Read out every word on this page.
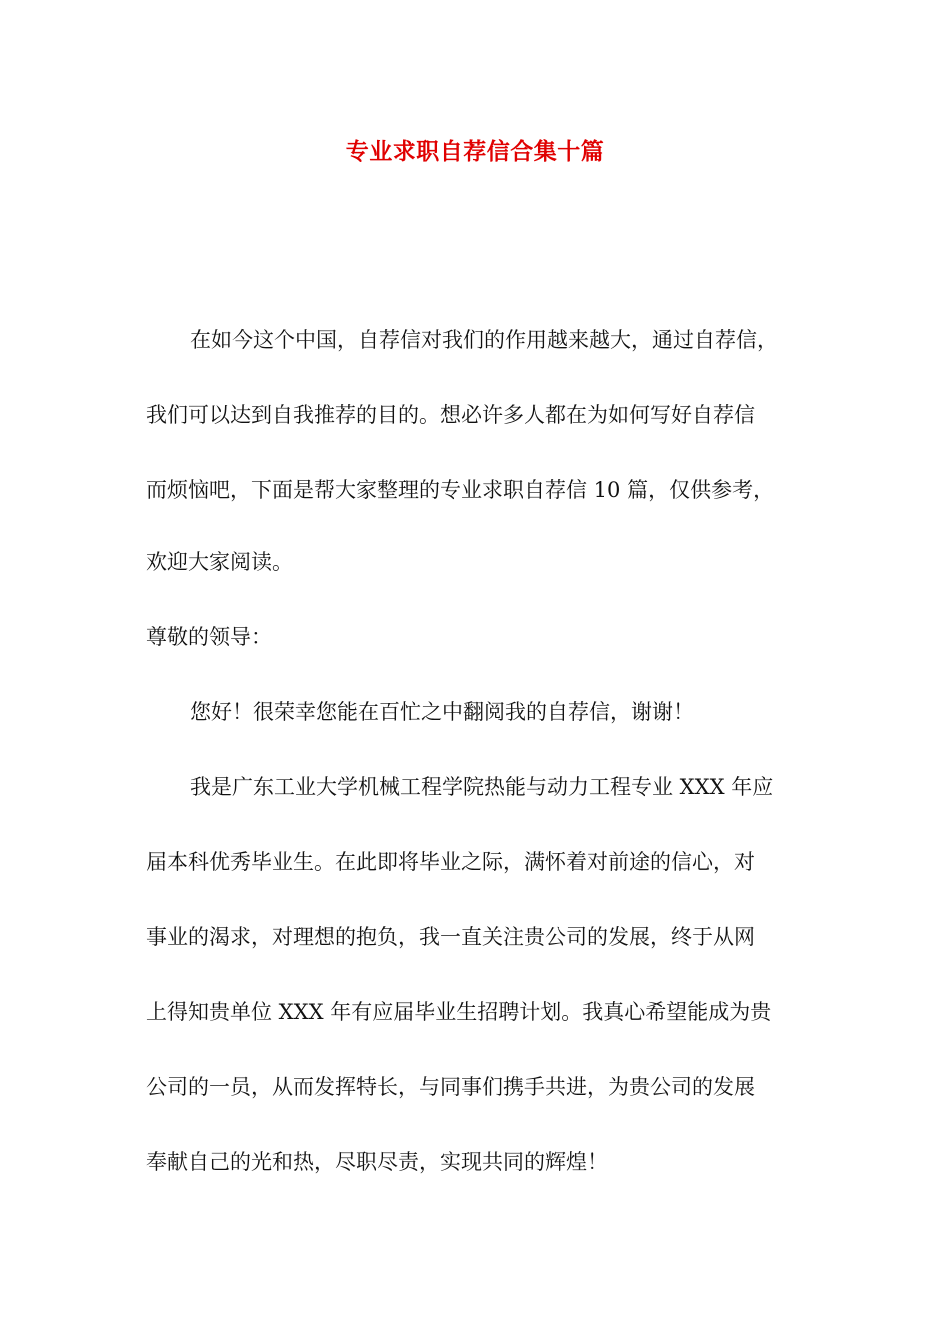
专业求职自荐信合集十篇
在如今这个中国，自荐信对我们的作用越来越大，通过自荐信，
我们可以达到自我推荐的目的。想必许多人都在为如何写好自荐信
而烦恼吧，下面是帮大家整理的专业求职自荐信 10 篇，仅供参考，
欢迎大家阅读。
尊敬的领导：
您好！很荣幸您能在百忙之中翻阅我的自荐信，谢谢！
我是广东工业大学机械工程学院热能与动力工程专业 XXX 年应
届本科优秀毕业生。在此即将毕业之际，满怀着对前途的信心，对
事业的渴求，对理想的抱负，我一直关注贵公司的发展，终于从网
上得知贵单位 XXX 年有应届毕业生招聘计划。我真心希望能成为贵
公司的一员，从而发挥特长，与同事们携手共进，为贵公司的发展
奉献自己的光和热，尽职尽责，实现共同的辉煌！
